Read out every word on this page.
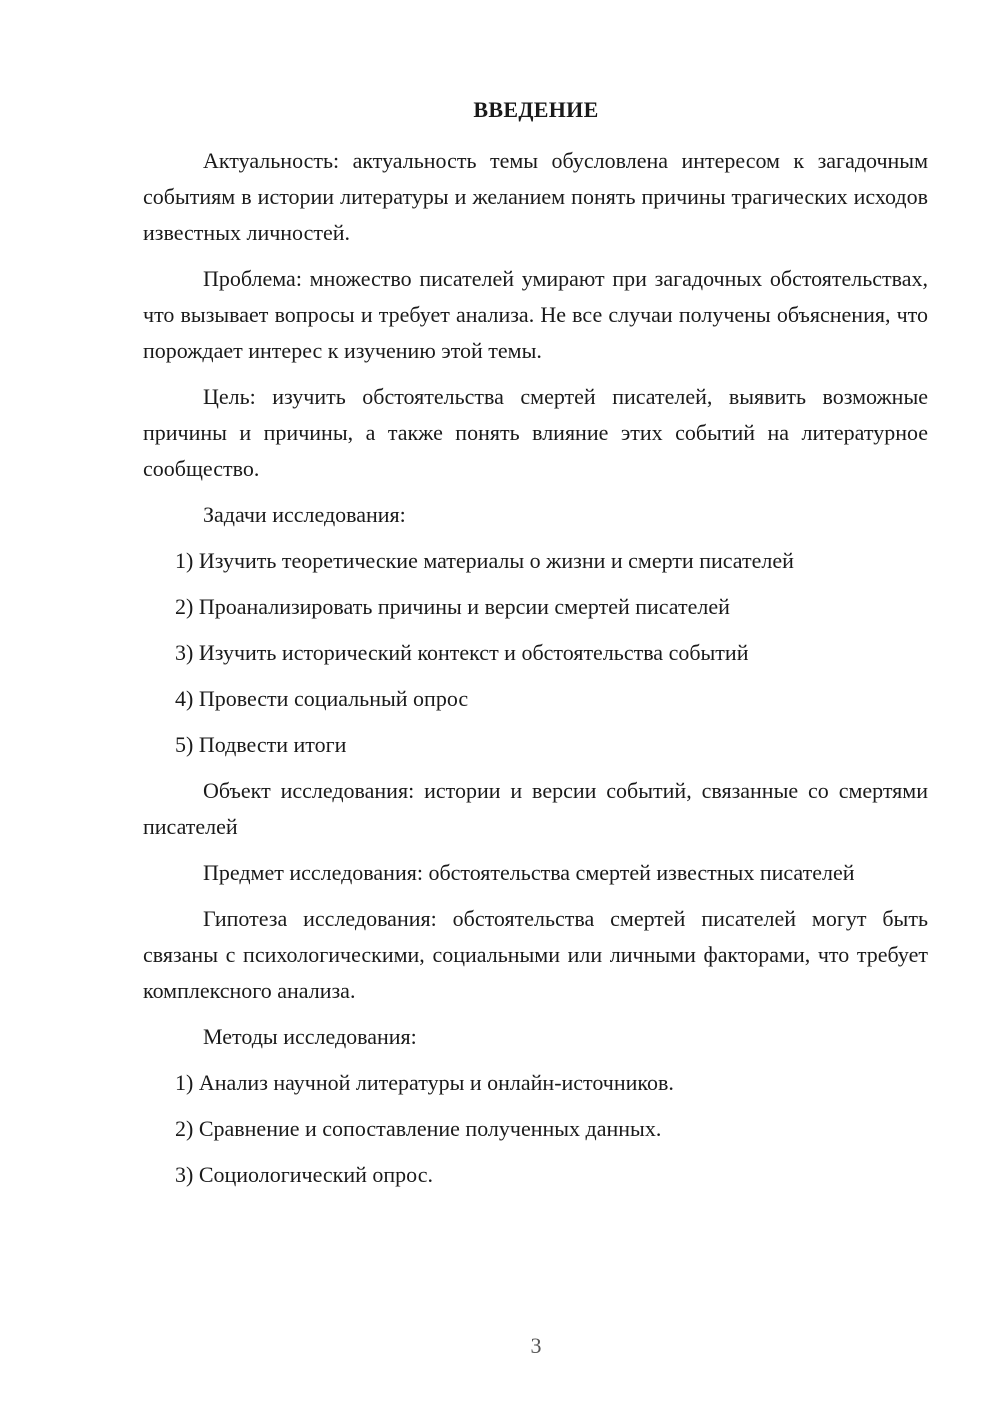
ВВЕДЕНИЕ

Актуальность: актуальность темы обусловлена интересом к загадочным событиям в истории литературы и желанием понять причины трагических исходов известных личностей.

Проблема: множество писателей умирают при загадочных обстоятельствах, что вызывает вопросы и требует анализа. Не все случаи получены объяснения, что порождает интерес к изучению этой темы.

Цель: изучить обстоятельства смертей писателей, выявить возможные причины и причины, а также понять влияние этих событий на литературное сообщество.

Задачи исследования:

1) Изучить теоретические материалы о жизни и смерти писателей
2) Проанализировать причины и версии смертей писателей
3) Изучить исторический контекст и обстоятельства событий
4) Провести социальный опрос
5) Подвести итоги

Объект исследования: истории и версии событий, связанные со смертями писателей

Предмет исследования: обстоятельства смертей известных писателей

Гипотеза исследования: обстоятельства смертей писателей могут быть связаны с психологическими, социальными или личными факторами, что требует комплексного анализа.

Методы исследования:

1) Анализ научной литературы и онлайн-источников.
2) Сравнение и сопоставление полученных данных.
3) Социологический опрос.
3
